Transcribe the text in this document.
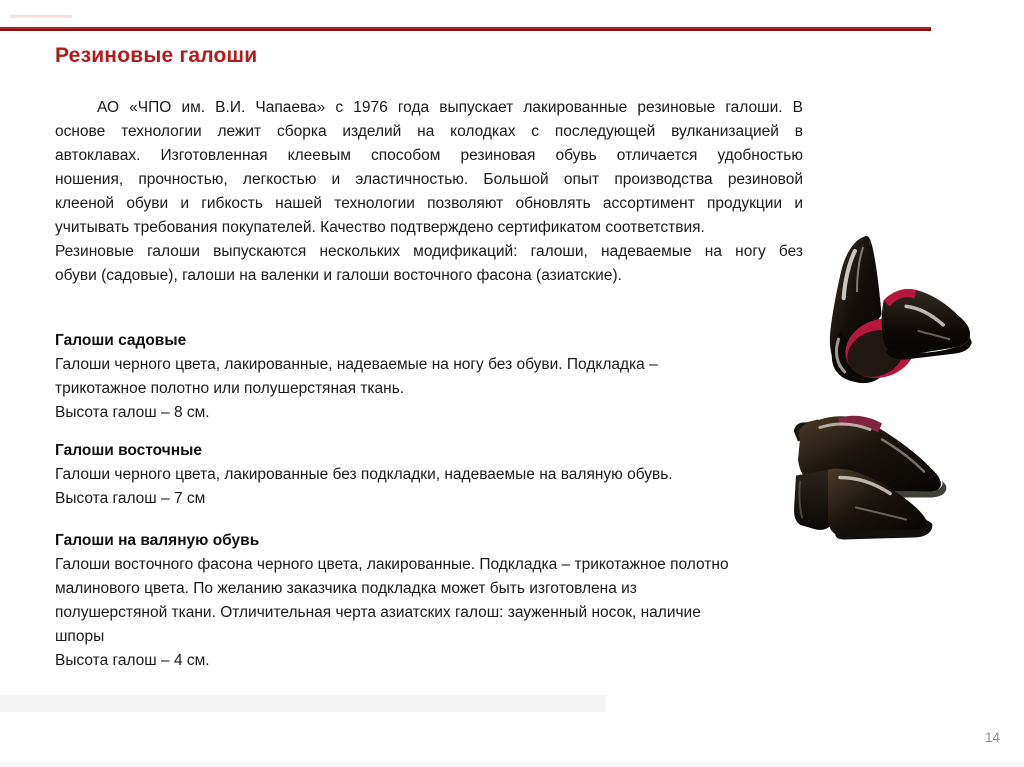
Резиновые галоши
АО «ЧПО им. В.И. Чапаева» с 1976 года выпускает лакированные резиновые галоши. В
основе технологии лежит сборка изделий на колодках с последующей вулканизацией в
автоклавах. Изготовленная клеевым способом резиновая обувь отличается удобностью
ношения, прочностью, легкостью и эластичностью. Большой опыт производства резиновой
клееной обуви и гибкость нашей технологии позволяют обновлять ассортимент продукции и
учитывать требования покупателей. Качество подтверждено сертификатом соответствия.
Резиновые галоши выпускаются нескольких модификаций: галоши, надеваемые на ногу без
обуви (садовые), галоши на валенки и галоши восточного фасона (азиатские).
Галоши садовые
Галоши черного цвета, лакированные, надеваемые на ногу без обуви. Подкладка –
трикотажное полотно или полушерстяная ткань.
Высота галош – 8 см.
Галоши восточные
Галоши черного цвета, лакированные без подкладки, надеваемые на валяную обувь.
Высота галош – 7 см
Галоши на валяную обувь
Галоши восточного фасона черного цвета, лакированные. Подкладка – трикотажное полотно
малинового цвета. По желанию заказчика подкладка может быть изготовлена из
полушерстяной ткани. Отличительная черта азиатских галош: зауженный носок, наличие
шпоры
Высота галош – 4 см.
14
